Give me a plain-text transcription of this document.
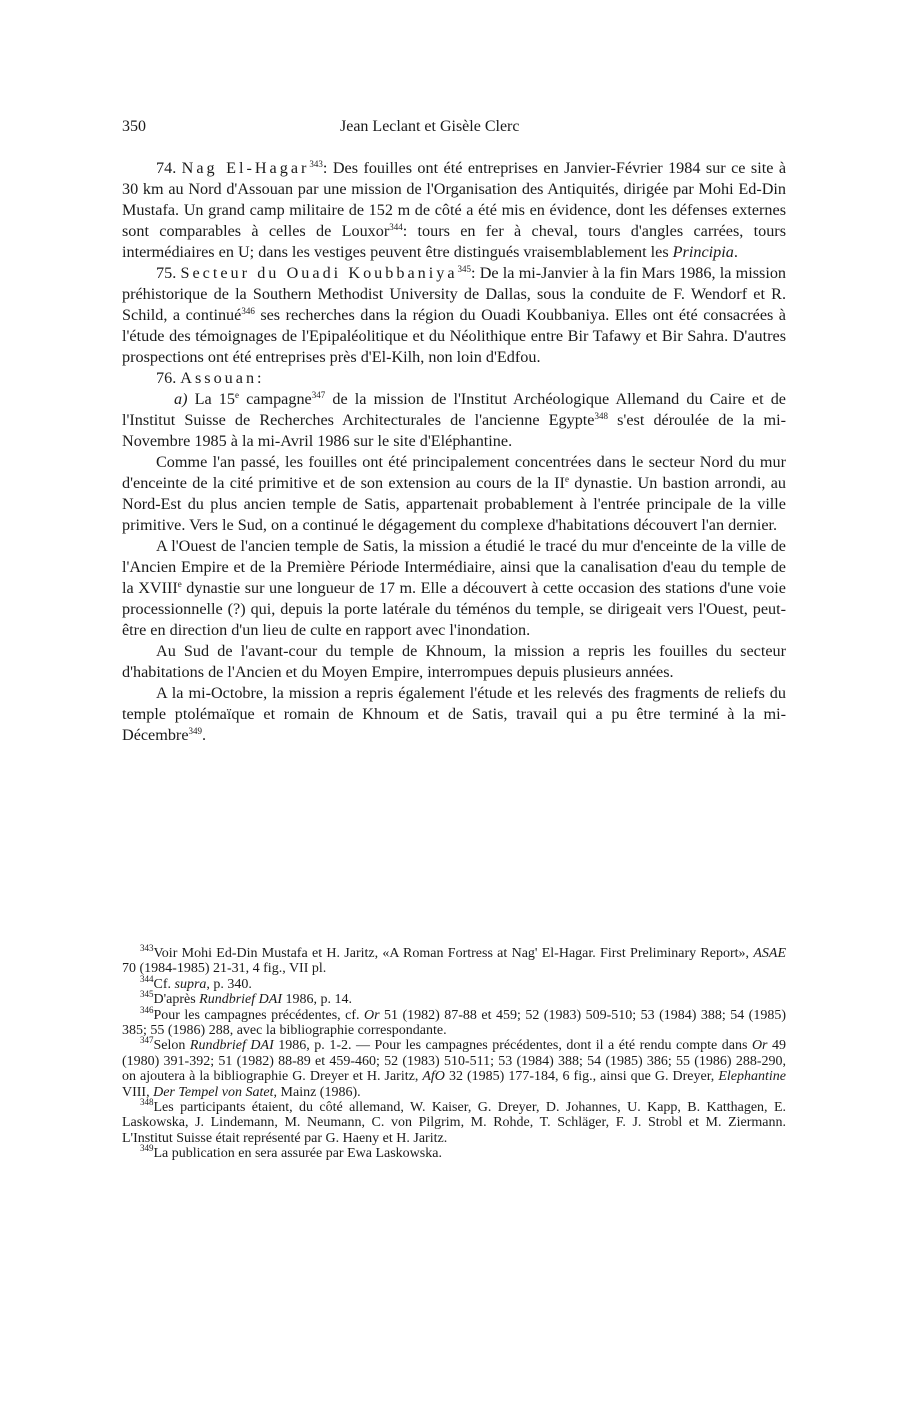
350	Jean Leclant et Gisèle Clerc

74. Nag El-Hagar$^{343}$: Des fouilles ont été entreprises en Janvier-Février 1984 sur ce site à 30 km au Nord d'Assouan par une mission de l'Organisation des Antiquités, dirigée par Mohi Ed-Din Mustafa. Un grand camp militaire de 152 m de côté a été mis en évidence, dont les défenses externes sont comparables à celles de Louxor$^{344}$: tours en fer à cheval, tours d'angles carrées, tours intermédiaires en U; dans les vestiges peuvent être distingués vraisemblablement les Principia.

75. Secteur du Ouadi Koubbaniya$^{345}$: De la mi-Janvier à la fin Mars 1986, la mission préhistorique de la Southern Methodist University de Dallas, sous la conduite de F. Wendorf et R. Schild, a continué$^{346}$ ses recherches dans la région du Ouadi Koubbaniya. Elles ont été consacrées à l'étude des témoignages de l'Epipaléolitique et du Néolithique entre Bir Tafawy et Bir Sahra. D'autres prospections ont été entreprises près d'El-Kilh, non loin d'Edfou.

76. Assouan:

a) La 15e campagne$^{347}$ de la mission de l'Institut Archéologique Allemand du Caire et de l'Institut Suisse de Recherches Architecturales de l'ancienne Egypte$^{348}$ s'est déroulée de la mi-Novembre 1985 à la mi-Avril 1986 sur le site d'Eléphantine.

Comme l'an passé, les fouilles ont été principalement concentrées dans le secteur Nord du mur d'enceinte de la cité primitive et de son extension au cours de la IIe dynastie. Un bastion arrondi, au Nord-Est du plus ancien temple de Satis, appartenait probablement à l'entrée principale de la ville primitive. Vers le Sud, on a continué le dégagement du complexe d'habitations découvert l'an dernier.

A l'Ouest de l'ancien temple de Satis, la mission a étudié le tracé du mur d'enceinte de la ville de l'Ancien Empire et de la Première Période Intermédiaire, ainsi que la canalisation d'eau du temple de la XVIIIe dynastie sur une longueur de 17 m. Elle a découvert à cette occasion des stations d'une voie processionnelle (?) qui, depuis la porte latérale du téménos du temple, se dirigeait vers l'Ouest, peut-être en direction d'un lieu de culte en rapport avec l'inondation.

Au Sud de l'avant-cour du temple de Khnoum, la mission a repris les fouilles du secteur d'habitations de l'Ancien et du Moyen Empire, interrompues depuis plusieurs années.

A la mi-Octobre, la mission a repris également l'étude et les relevés des fragments de reliefs du temple ptolémaïque et romain de Khnoum et de Satis, travail qui a pu être terminé à la mi-Décembre$^{349}$.

$^{343}$Voir Mohi Ed-Din Mustafa et H. Jaritz, «A Roman Fortress at Nag' El-Hagar. First Preliminary Report», ASAE 70 (1984-1985) 21-31, 4 fig., VII pl.

$^{344}$Cf. supra, p. 340.

$^{345}$D'après Rundbrief DAI 1986, p. 14.

$^{346}$Pour les campagnes précédentes, cf. Or 51 (1982) 87-88 et 459; 52 (1983) 509-510; 53 (1984) 388; 54 (1985) 385; 55 (1986) 288, avec la bibliographie correspondante.

$^{347}$Selon Rundbrief DAI 1986, p. 1-2. — Pour les campagnes précédentes, dont il a été rendu compte dans Or 49 (1980) 391-392; 51 (1982) 88-89 et 459-460; 52 (1983) 510-511; 53 (1984) 388; 54 (1985) 386; 55 (1986) 288-290, on ajoutera à la bibliographie G. Dreyer et H. Jaritz, AfO 32 (1985) 177-184, 6 fig., ainsi que G. Dreyer, Elephantine VIII, Der Tempel von Satet, Mainz (1986).

$^{348}$Les participants étaient, du côté allemand, W. Kaiser, G. Dreyer, D. Johannes, U. Kapp, B. Katthagen, E. Laskowska, J. Lindemann, M. Neumann, C. von Pilgrim, M. Rohde, T. Schläger, F. J. Strobl et M. Ziermann. L'Institut Suisse était représenté par G. Haeny et H. Jaritz.

$^{349}$La publication en sera assurée par Ewa Laskowska.
